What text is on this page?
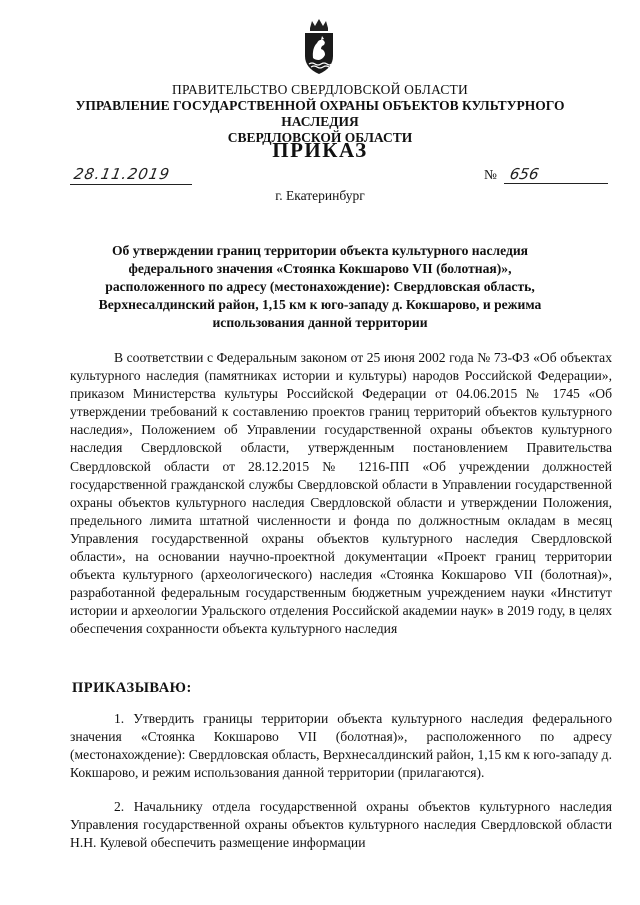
ПРАВИТЕЛЬСТВО СВЕРДЛОВСКОЙ ОБЛАСТИ
УПРАВЛЕНИЕ ГОСУДАРСТВЕННОЙ ОХРАНЫ ОБЪЕКТОВ КУЛЬТУРНОГО НАСЛЕДИЯ
СВЕРДЛОВСКОЙ ОБЛАСТИ
ПРИКАЗ
28.11.2019	№ 656
г. Екатеринбург
Об утверждении границ территории объекта культурного наследия федерального значения «Стоянка Кокшарово VII (болотная)», расположенного по адресу (местонахождение): Свердловская область, Верхнесалдинский район, 1,15 км к юго-западу д. Кокшарово, и режима использования данной территории
В соответствии с Федеральным законом от 25 июня 2002 года № 73-ФЗ «Об объектах культурного наследия (памятниках истории и культуры) народов Российской Федерации», приказом Министерства культуры Российской Федерации от 04.06.2015 № 1745 «Об утверждении требований к составлению проектов границ территорий объектов культурного наследия», Положением об Управлении государственной охраны объектов культурного наследия Свердловской области, утвержденным постановлением Правительства Свердловской области от 28.12.2015 № 1216-ПП «Об учреждении должностей государственной гражданской службы Свердловской области в Управлении государственной охраны объектов культурного наследия Свердловской области и утверждении Положения, предельного лимита штатной численности и фонда по должностным окладам в месяц Управления государственной охраны объектов культурного наследия Свердловской области», на основании научно-проектной документации «Проект границ территории объекта культурного (археологического) наследия «Стоянка Кокшарово VII (болотная)», разработанной федеральным государственным бюджетным учреждением науки «Институт истории и археологии Уральского отделения Российской академии наук» в 2019 году, в целях обеспечения сохранности объекта культурного наследия
ПРИКАЗЫВАЮ:
1. Утвердить границы территории объекта культурного наследия федерального значения «Стоянка Кокшарово VII (болотная)», расположенного по адресу (местонахождение): Свердловская область, Верхнесалдинский район, 1,15 км к юго-западу д. Кокшарово, и режим использования данной территории (прилагаются).
2. Начальнику отдела государственной охраны объектов культурного наследия Управления государственной охраны объектов культурного наследия Свердловской области Н.Н. Кулевой обеспечить размещение информации
